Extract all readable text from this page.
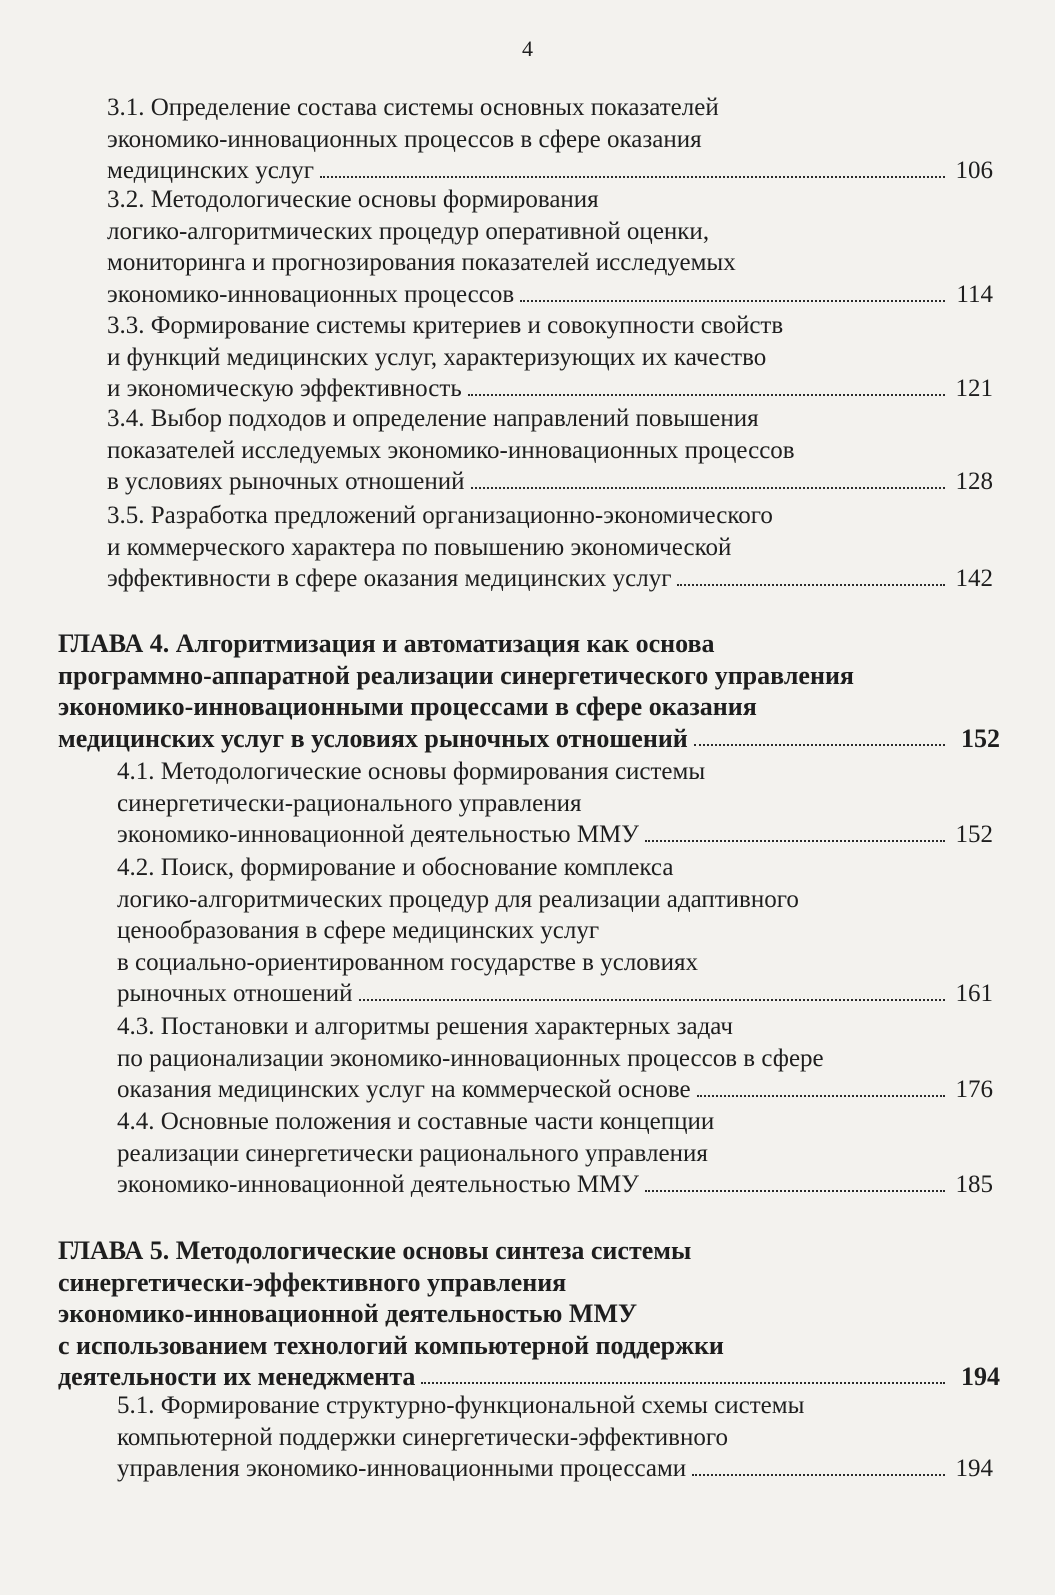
4
3.1. Определение состава системы основных показателей
экономико-инновационных процессов в сфере оказания
медицинских услуг	106
3.2. Методологические основы формирования
логико-алгоритмических процедур оперативной оценки,
мониторинга и прогнозирования показателей исследуемых
экономико-инновационных процессов	114
3.3. Формирование системы критериев и совокупности свойств
и функций медицинских услуг, характеризующих их качество
и экономическую эффективность	121
3.4. Выбор подходов и определение направлений повышения
показателей исследуемых экономико-инновационных процессов
в условиях рыночных отношений	128
3.5. Разработка предложений организационно-экономического
и коммерческого характера по повышению экономической
эффективности в сфере оказания медицинских услуг	142
ГЛАВА 4. Алгоритмизация и автоматизация как основа
программно-аппаратной реализации синергетического управления
экономико-инновационными процессами в сфере оказания
медицинских услуг в условиях рыночных отношений	152
4.1. Методологические основы формирования системы
синергетически-рационального управления
экономико-инновационной деятельностью ММУ	152
4.2. Поиск, формирование и обоснование комплекса
логико-алгоритмических процедур для реализации адаптивного
ценообразования в сфере медицинских услуг
в социально-ориентированном государстве в условиях
рыночных отношений	161
4.3. Постановки и алгоритмы решения характерных задач
по рационализации экономико-инновационных процессов в сфере
оказания медицинских услуг на коммерческой основе	176
4.4. Основные положения и составные части концепции
реализации синергетически рационального управления
экономико-инновационной деятельностью ММУ	185
ГЛАВА 5. Методологические основы синтеза системы
синергетически-эффективного управления
экономико-инновационной деятельностью ММУ
с использованием технологий компьютерной поддержки
деятельности их менеджмента	194
5.1. Формирование структурно-функциональной схемы системы
компьютерной поддержки синергетически-эффективного
управления экономико-инновационными процессами	194
